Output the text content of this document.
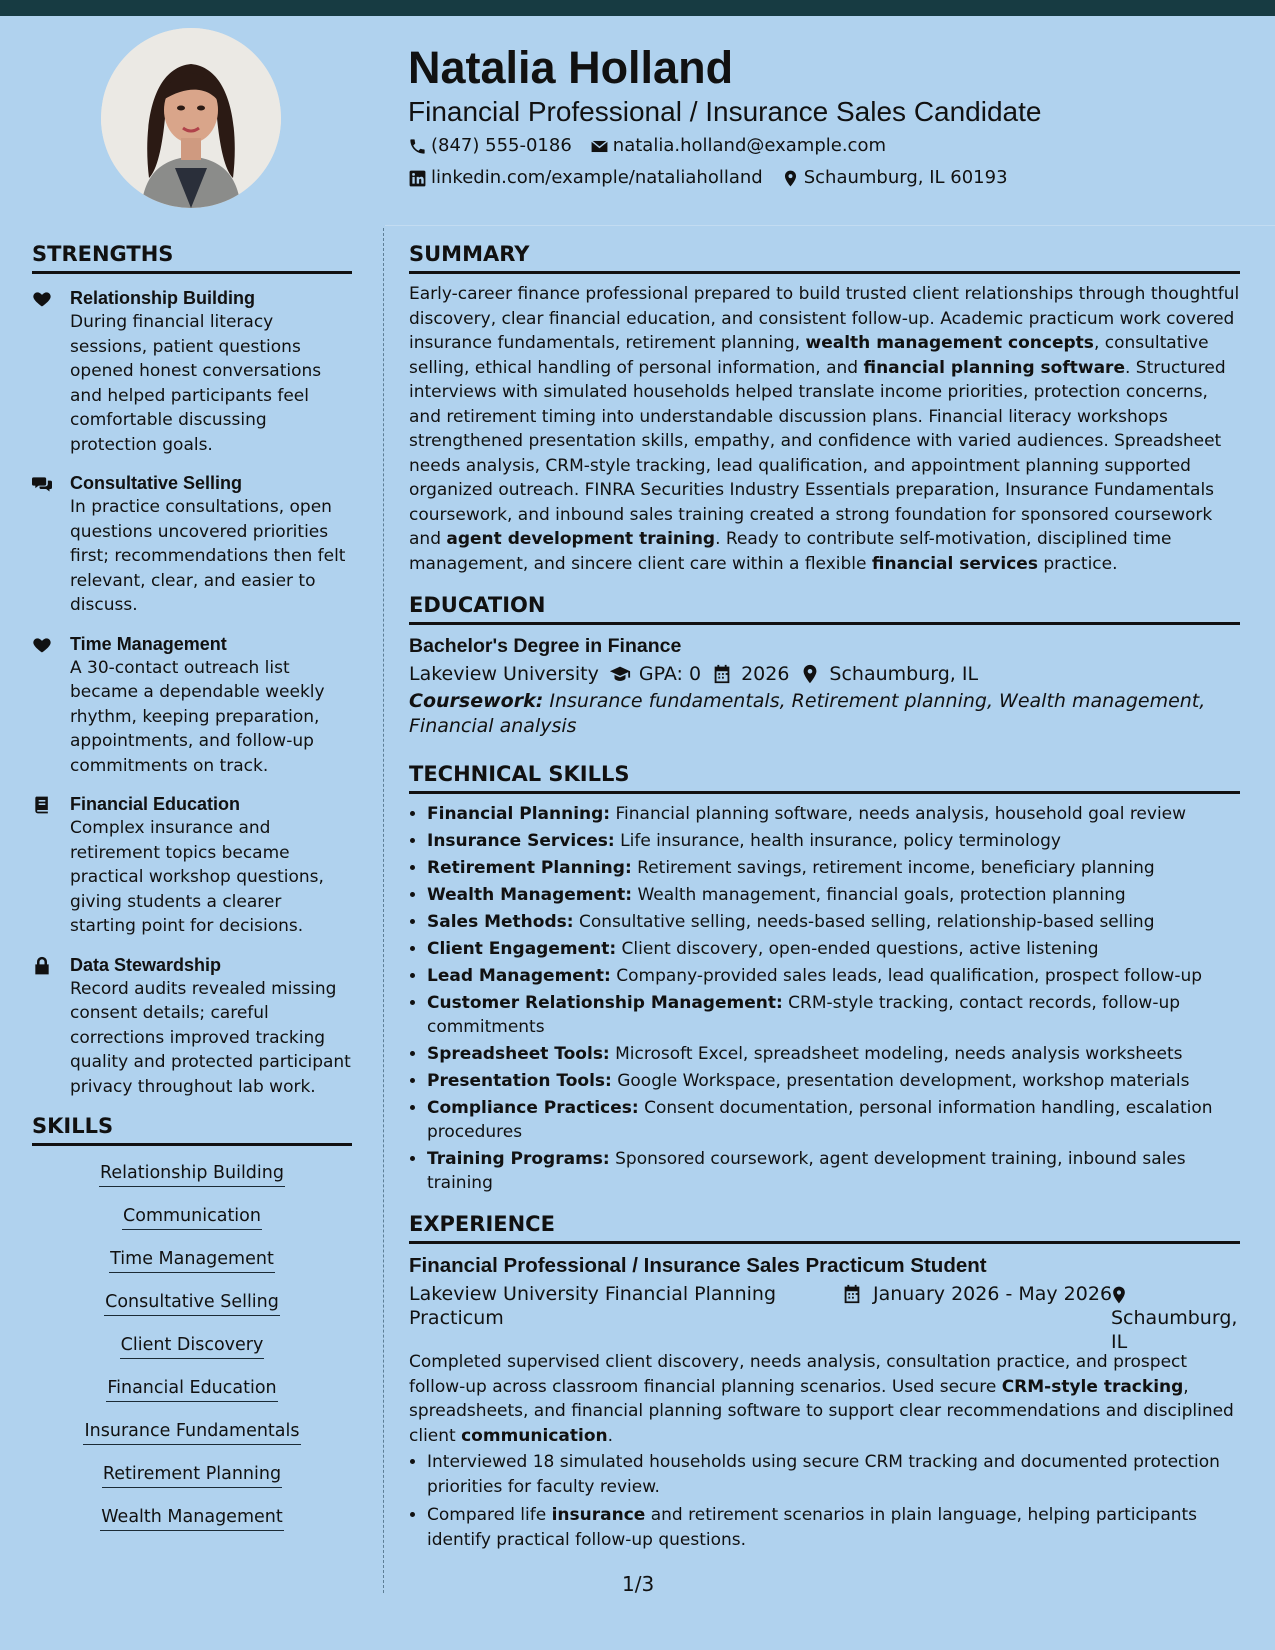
Natalia Holland
Financial Professional / Insurance Sales Candidate
(847) 555-0186 natalia.holland@example.com
linkedin.com/example/nataliaholland Schaumburg, IL 60193
STRENGTHS
Relationship Building

During financial literacy sessions, patient questions opened honest conversations and helped participants feel comfortable discussing protection goals.

Consultative Selling

In practice consultations, open questions uncovered priorities first; recommendations then felt relevant, clear, and easier to discuss.

Time Management

A 30-contact outreach list became a dependable weekly rhythm, keeping preparation, appointments, and follow-up commitments on track.

Financial Education

Complex insurance and retirement topics became practical workshop questions, giving students a clearer starting point for decisions.

Data Stewardship

Record audits revealed missing consent details; careful corrections improved tracking quality and protected participant privacy throughout lab work.

SKILLS
Relationship Building
Communication
Time Management
Consultative Selling
Client Discovery
Financial Education
Insurance Fundamentals
Retirement Planning
Wealth Management
SUMMARY

Early-career finance professional prepared to build trusted client relationships through thoughtful discovery, clear financial education, and consistent follow-up. Academic practicum work covered insurance fundamentals, retirement planning, wealth management concepts, consultative selling, ethical handling of personal information, and financial planning software. Structured interviews with simulated households helped translate income priorities, protection concerns, and retirement timing into understandable discussion plans. Financial literacy workshops strengthened presentation skills, empathy, and confidence with varied audiences. Spreadsheet needs analysis, CRM-style tracking, lead qualification, and appointment planning supported organized outreach. FINRA Securities Industry Essentials preparation, Insurance Fundamentals coursework, and inbound sales training created a strong foundation for sponsored coursework and agent development training. Ready to contribute self-motivation, disciplined time management, and sincere client care within a flexible financial services practice.

EDUCATION
Bachelor's Degree in Finance
Lakeview University GPA: 0 2026 Schaumburg, IL
Coursework: Insurance fundamentals, Retirement planning, Wealth management, Financial analysis
TECHNICAL SKILLS
• Financial Planning: Financial planning software, needs analysis, household goal review
• Insurance Services: Life insurance, health insurance, policy terminology
• Retirement Planning: Retirement savings, retirement income, beneficiary planning
• Wealth Management: Wealth management, financial goals, protection planning
• Sales Methods: Consultative selling, needs-based selling, relationship-based selling
• Client Engagement: Client discovery, open-ended questions, active listening
• Lead Management: Company-provided sales leads, lead qualification, prospect follow-up
• Customer Relationship Management: CRM-style tracking, contact records, follow-up commitments
• Spreadsheet Tools: Microsoft Excel, spreadsheet modeling, needs analysis worksheets
• Presentation Tools: Google Workspace, presentation development, workshop materials
• Compliance Practices: Consent documentation, personal information handling, escalation procedures
• Training Programs: Sponsored coursework, agent development training, inbound sales training
EXPERIENCE
Financial Professional / Insurance Sales Practicum Student
Lakeview University Financial Planning Practicum
January 2026 - May 2026
Schaumburg, IL

Completed supervised client discovery, needs analysis, consultation practice, and prospect follow-up across classroom financial planning scenarios. Used secure CRM-style tracking, spreadsheets, and financial planning software to support clear recommendations and disciplined client communication.

• Interviewed 18 simulated households using secure CRM tracking and documented protection priorities for faculty review.
• Compared life insurance and retirement scenarios in plain language, helping participants identify practical follow-up questions.
1/3
